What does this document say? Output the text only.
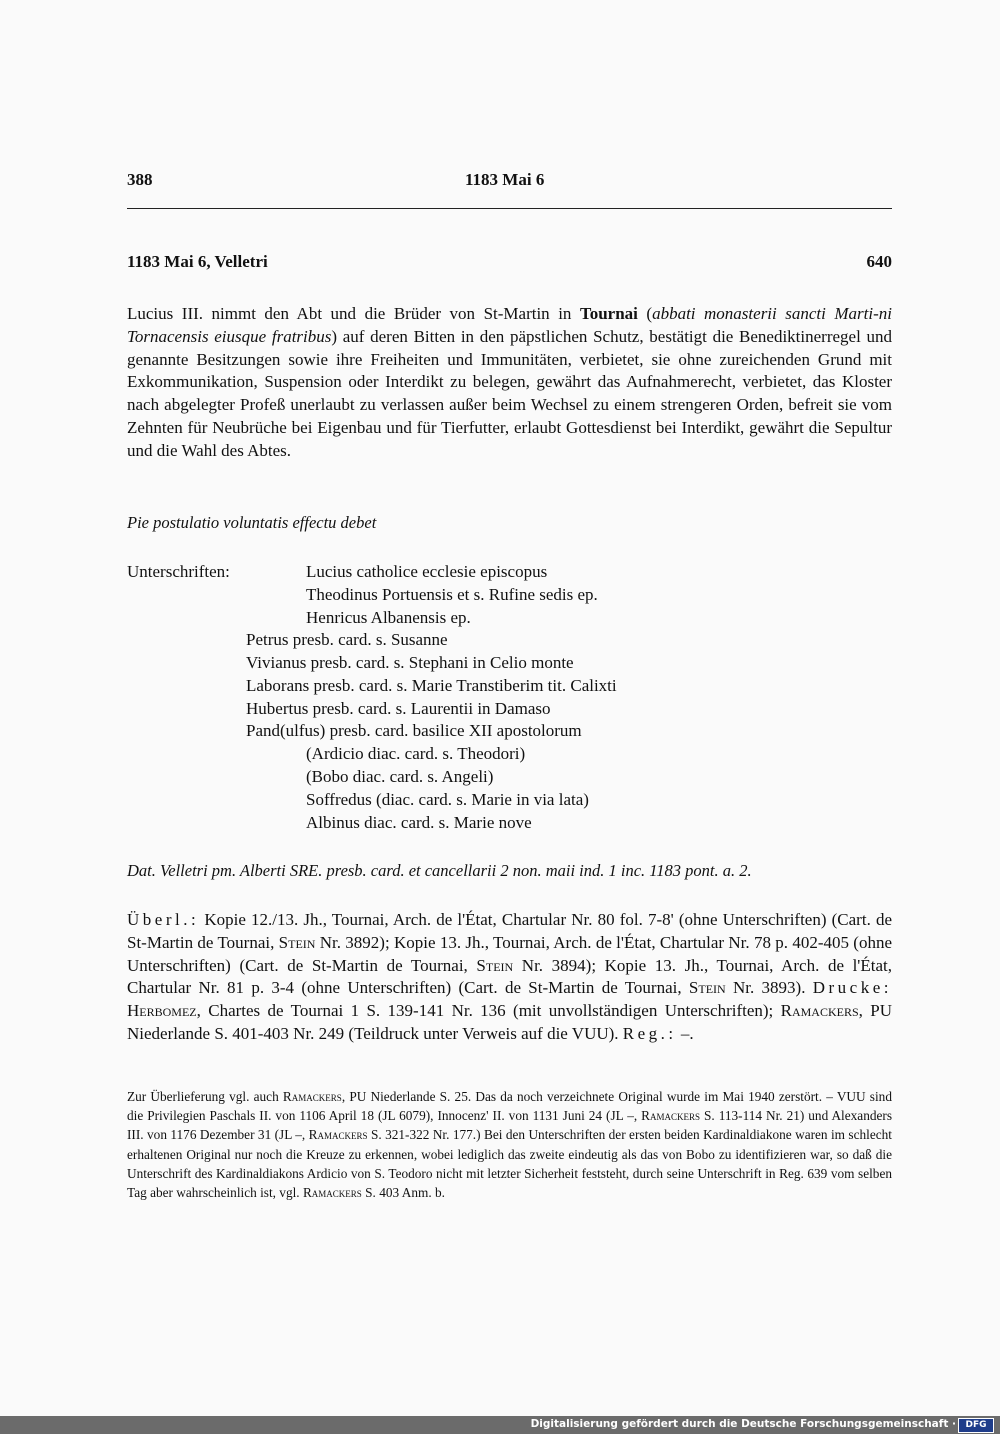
388	1183 Mai 6
1183 Mai 6, Velletri	640
Lucius III. nimmt den Abt und die Brüder von St-Martin in Tournai (abbati monasterii sancti Marti-ni Tornacensis eiusque fratribus) auf deren Bitten in den päpstlichen Schutz, bestätigt die Benediktinerregel und genannte Besitzungen sowie ihre Freiheiten und Immunitäten, verbietet, sie ohne zureichenden Grund mit Exkommunikation, Suspension oder Interdikt zu belegen, gewährt das Aufnahmerecht, verbietet, das Kloster nach abgelegter Profeß unerlaubt zu verlassen außer beim Wechsel zu einem strengeren Orden, befreit sie vom Zehnten für Neubrüche bei Eigenbau und für Tierfutter, erlaubt Gottesdienst bei Interdikt, gewährt die Sepultur und die Wahl des Abtes.
Pie postulatio voluntatis effectu debet
Unterschriften:	Lucius catholice ecclesie episcopus
Theodinus Portuensis et s. Rufine sedis ep.
Henricus Albanensis ep.
Petrus presb. card. s. Susanne
Vivianus presb. card. s. Stephani in Celio monte
Laborans presb. card. s. Marie Transtiberim tit. Calixti
Hubertus presb. card. s. Laurentii in Damaso
Pand(ulfus) presb. card. basilice XII apostolorum
(Ardicio diac. card. s. Theodori)
(Bobo diac. card. s. Angeli)
Soffredus (diac. card. s. Marie in via lata)
Albinus diac. card. s. Marie nove
Dat. Velletri pm. Alberti SRE. presb. card. et cancellarii 2 non. maii ind. 1 inc. 1183 pont. a. 2.
Überl.: Kopie 12./13. Jh., Tournai, Arch. de l'État, Chartular Nr. 80 fol. 7-8' (ohne Unterschriften) (Cart. de St-Martin de Tournai, Stein Nr. 3892); Kopie 13. Jh., Tournai, Arch. de l'État, Chartular Nr. 78 p. 402-405 (ohne Unterschriften) (Cart. de St-Martin de Tournai, Stein Nr. 3894); Kopie 13. Jh., Tournai, Arch. de l'État, Chartular Nr. 81 p. 3-4 (ohne Unterschriften) (Cart. de St-Martin de Tournai, Stein Nr. 3893). Drucke: Herbomez, Chartes de Tournai 1 S. 139-141 Nr. 136 (mit unvollständigen Unterschriften); Ramackers, PU Niederlande S. 401-403 Nr. 249 (Teildruck unter Verweis auf die VUU). Reg.: –.
Zur Überlieferung vgl. auch Ramackers, PU Niederlande S. 25. Das da noch verzeichnete Original wurde im Mai 1940 zerstört. – VUU sind die Privilegien Paschals II. von 1106 April 18 (JL 6079), Innocenz' II. von 1131 Juni 24 (JL –, Ramackers S. 113-114 Nr. 21) und Alexanders III. von 1176 Dezember 31 (JL –, Ramackers S. 321-322 Nr. 177.) Bei den Unterschriften der ersten beiden Kardinaldiakone waren im schlecht erhaltenen Original nur noch die Kreuze zu erkennen, wobei lediglich das zweite eindeutig als das von Bobo zu identifizieren war, so daß die Unterschrift des Kardinaldiakons Ardicio von S. Teodoro nicht mit letzter Sicherheit feststeht, durch seine Unterschrift in Reg. 639 vom selben Tag aber wahrscheinlich ist, vgl. Ramackers S. 403 Anm. b.
Digitalisierung gefördert durch die Deutsche Forschungsgemeinschaft ·	DFG
